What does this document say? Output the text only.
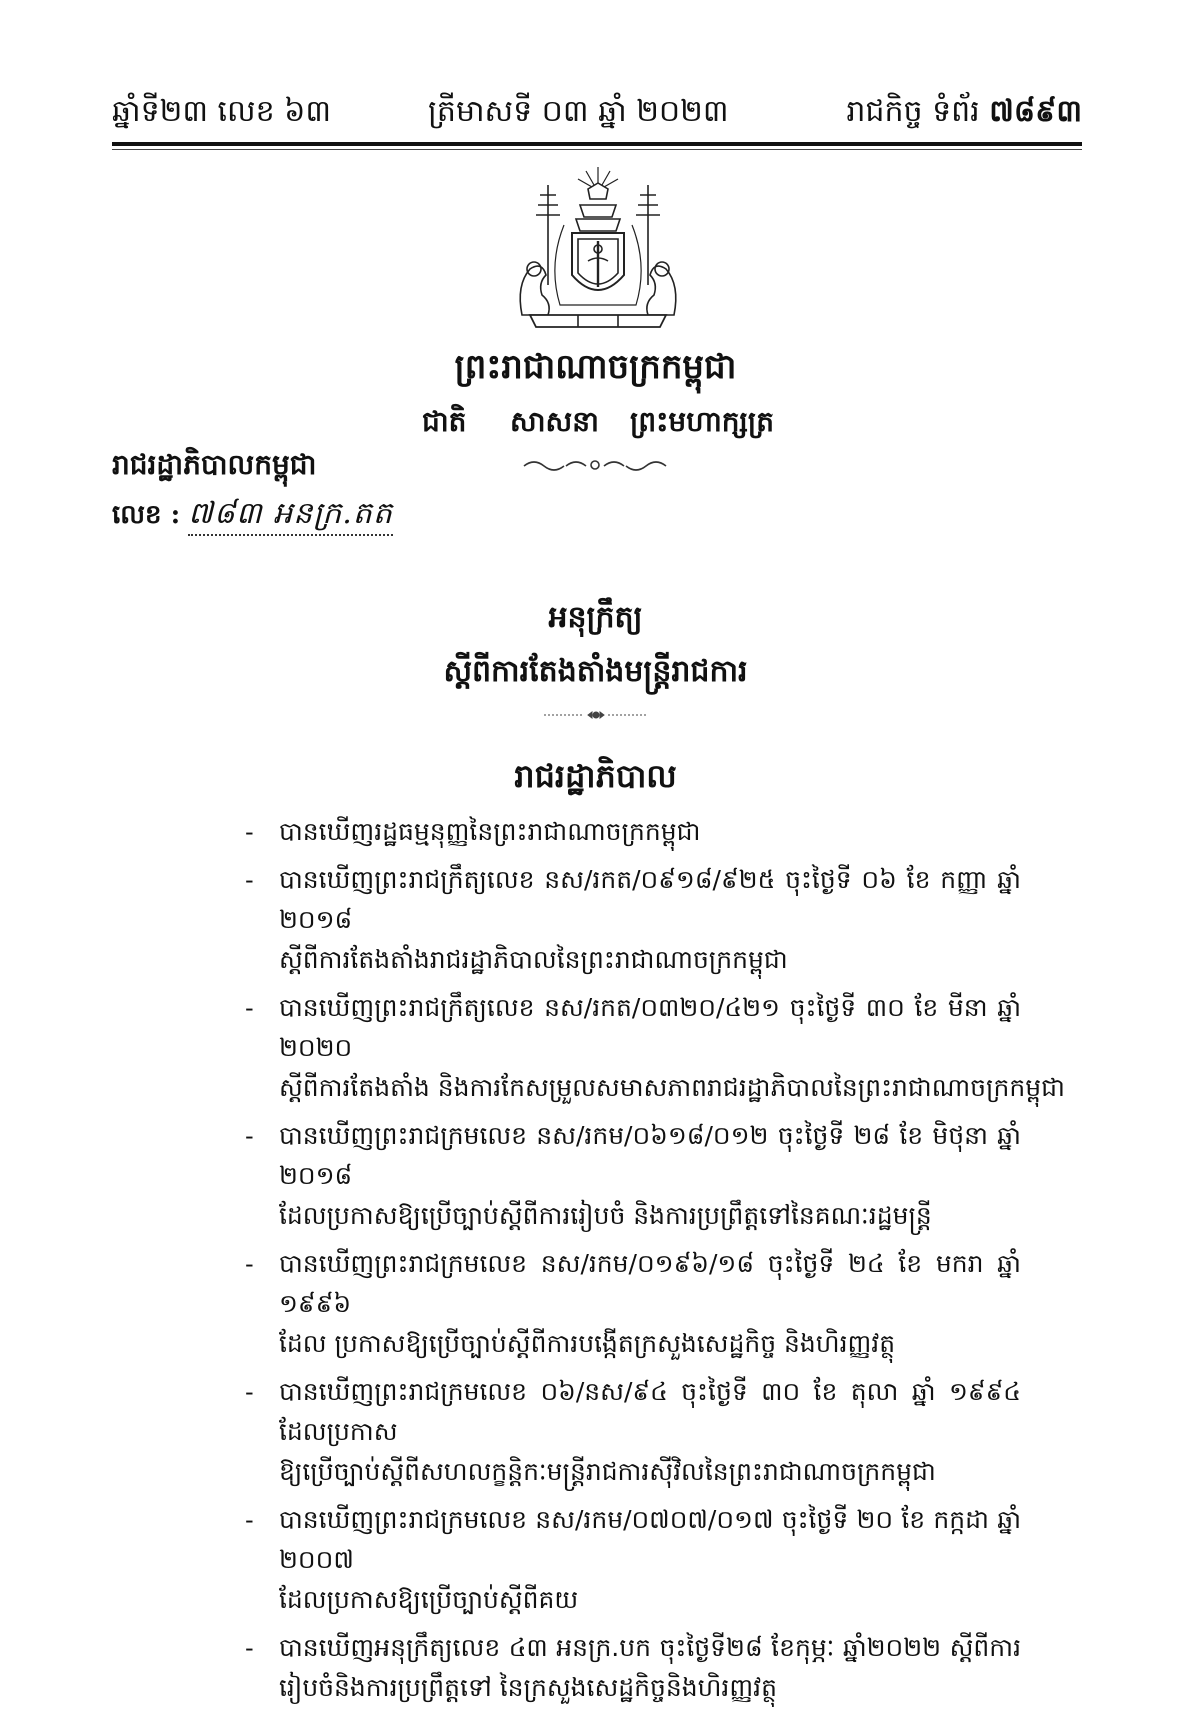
ឆ្នាំទី២៣ លេខ ៦៣	ត្រីមាសទី ០៣ ឆ្នាំ ២០២៣	រាជកិច្ច ទំព័រ ៧៨៩៣
ព្រះរាជាណាចក្រកម្ពុជា
ជាតិ សាសនា ព្រះមហាក្សត្រ
រាជរដ្ឋាភិបាលកម្ពុជា
លេខ : ៧៨៣ អនក្រ.តត
អនុក្រឹត្យ
ស្តីពីការតែងតាំងមន្ត្រីរាជការ
រាជរដ្ឋាភិបាល
- បានឃើញរដ្ឋធម្មនុញ្ញនៃព្រះរាជាណាចក្រកម្ពុជា
- បានឃើញព្រះរាជក្រឹត្យលេខ នស/រកត/០៩១៨/៩២៥ ចុះថ្ងៃទី ០៦ ខែ កញ្ញា ឆ្នាំ ២០១៨
ស្តីពីការតែងតាំងរាជរដ្ឋាភិបាលនៃព្រះរាជាណាចក្រកម្ពុជា
- បានឃើញព្រះរាជក្រឹត្យលេខ នស/រកត/០៣២០/៤២១ ចុះថ្ងៃទី ៣០ ខែ មីនា ឆ្នាំ ២០២០
ស្តីពីការតែងតាំង និងការកែសម្រួលសមាសភាពរាជរដ្ឋាភិបាលនៃព្រះរាជាណាចក្រកម្ពុជា
- បានឃើញព្រះរាជក្រមលេខ នស/រកម/០៦១៨/០១២ ចុះថ្ងៃទី ២៨ ខែ មិថុនា ឆ្នាំ ២០១៨
ដែលប្រកាសឱ្យប្រើច្បាប់ស្តីពីការរៀបចំ និងការប្រព្រឹត្តទៅនៃគណៈរដ្ឋមន្ត្រី
- បានឃើញព្រះរាជក្រមលេខ នស/រកម/០១៩៦/១៨ ចុះថ្ងៃទី ២៤ ខែ មករា ឆ្នាំ ១៩៩៦
ដែល ប្រកាសឱ្យប្រើច្បាប់ស្តីពីការបង្កើតក្រសួងសេដ្ឋកិច្ច និងហិរញ្ញវត្ថុ
- បានឃើញព្រះរាជក្រមលេខ ០៦/នស/៩៤ ចុះថ្ងៃទី ៣០ ខែ តុលា ឆ្នាំ ១៩៩៤ ដែលប្រកាស
ឱ្យប្រើច្បាប់ស្តីពីសហលក្ខន្តិកៈមន្ត្រីរាជការស៊ីវិលនៃព្រះរាជាណាចក្រកម្ពុជា
- បានឃើញព្រះរាជក្រមលេខ នស/រកម/០៧០៧/០១៧ ចុះថ្ងៃទី ២០ ខែ កក្កដា ឆ្នាំ ២០០៧
ដែលប្រកាសឱ្យប្រើច្បាប់ស្តីពីគយ
- បានឃើញអនុក្រឹត្យលេខ ៤៣ អនក្រ.បក ចុះថ្ងៃទី២៨ ខែកុម្ភៈ ឆ្នាំ២០២២ ស្តីពីការ
រៀបចំនិងការប្រព្រឹត្តទៅ នៃក្រសួងសេដ្ឋកិច្ចនិងហិរញ្ញវត្ថុ
